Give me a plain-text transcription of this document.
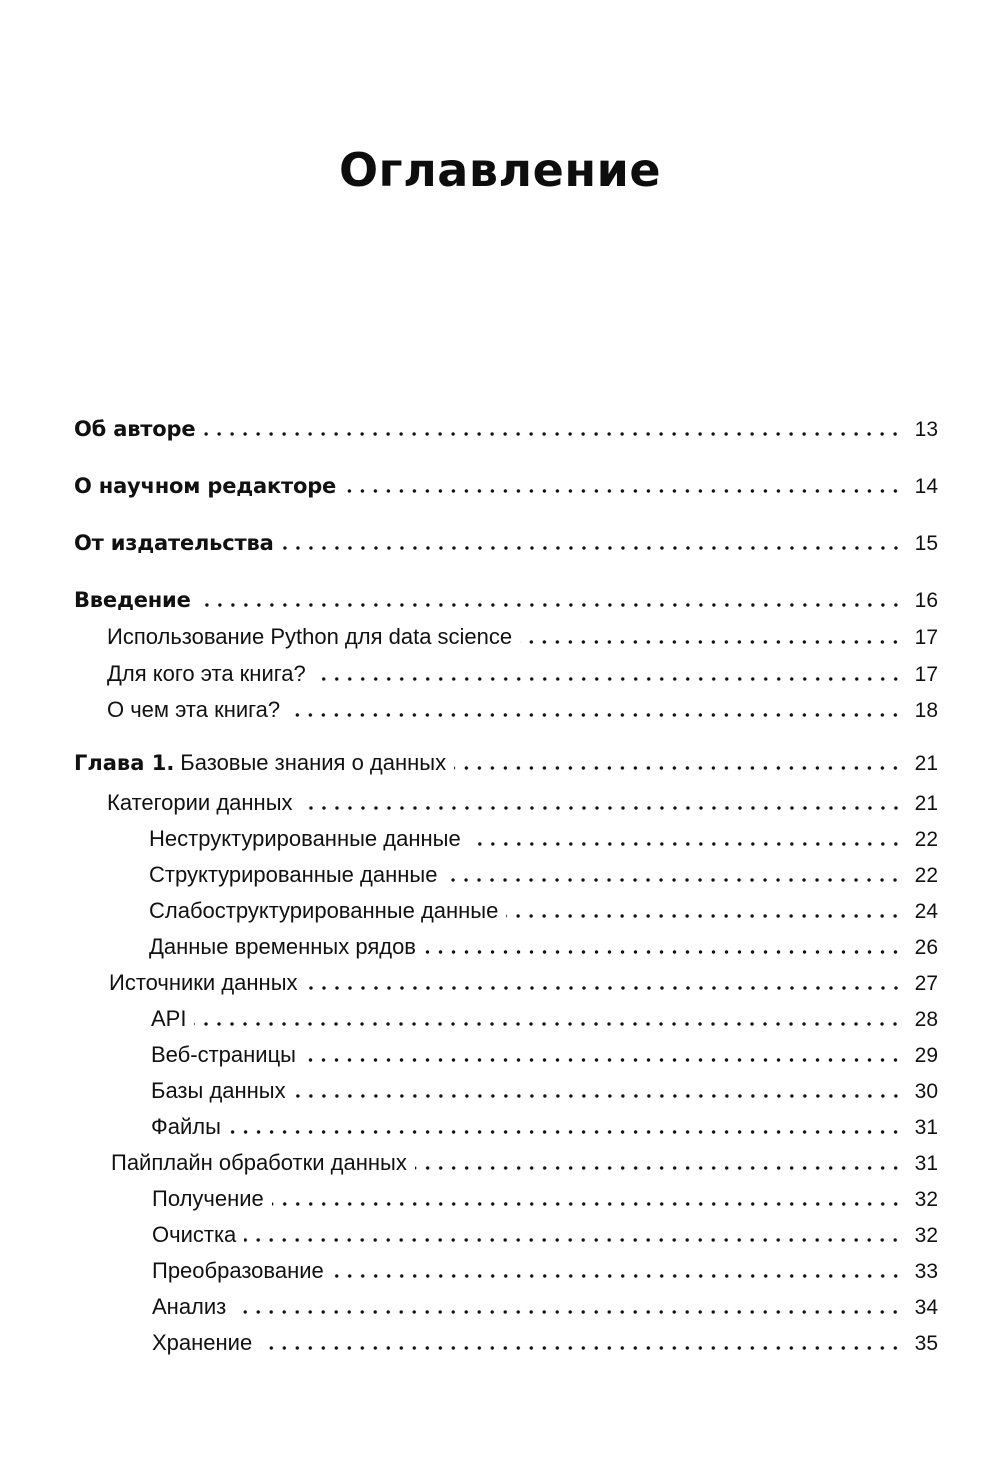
Оглавление
Об авторе	13
О научном редакторе	14
От издательства	15
Введение	16
Использование Python для data science	17
Для кого эта книга?	17
О чем эта книга?	18
Глава 1. Базовые знания о данных	21
Категории данных	21
Неструктурированные данные	22
Структурированные данные	22
Слабоструктурированные данные	24
Данные временных рядов	26
Источники данных	27
API	28
Веб-страницы	29
Базы данных	30
Файлы	31
Пайплайн обработки данных	31
Получение	32
Очистка	32
Преобразование	33
Анализ	34
Хранение	35
